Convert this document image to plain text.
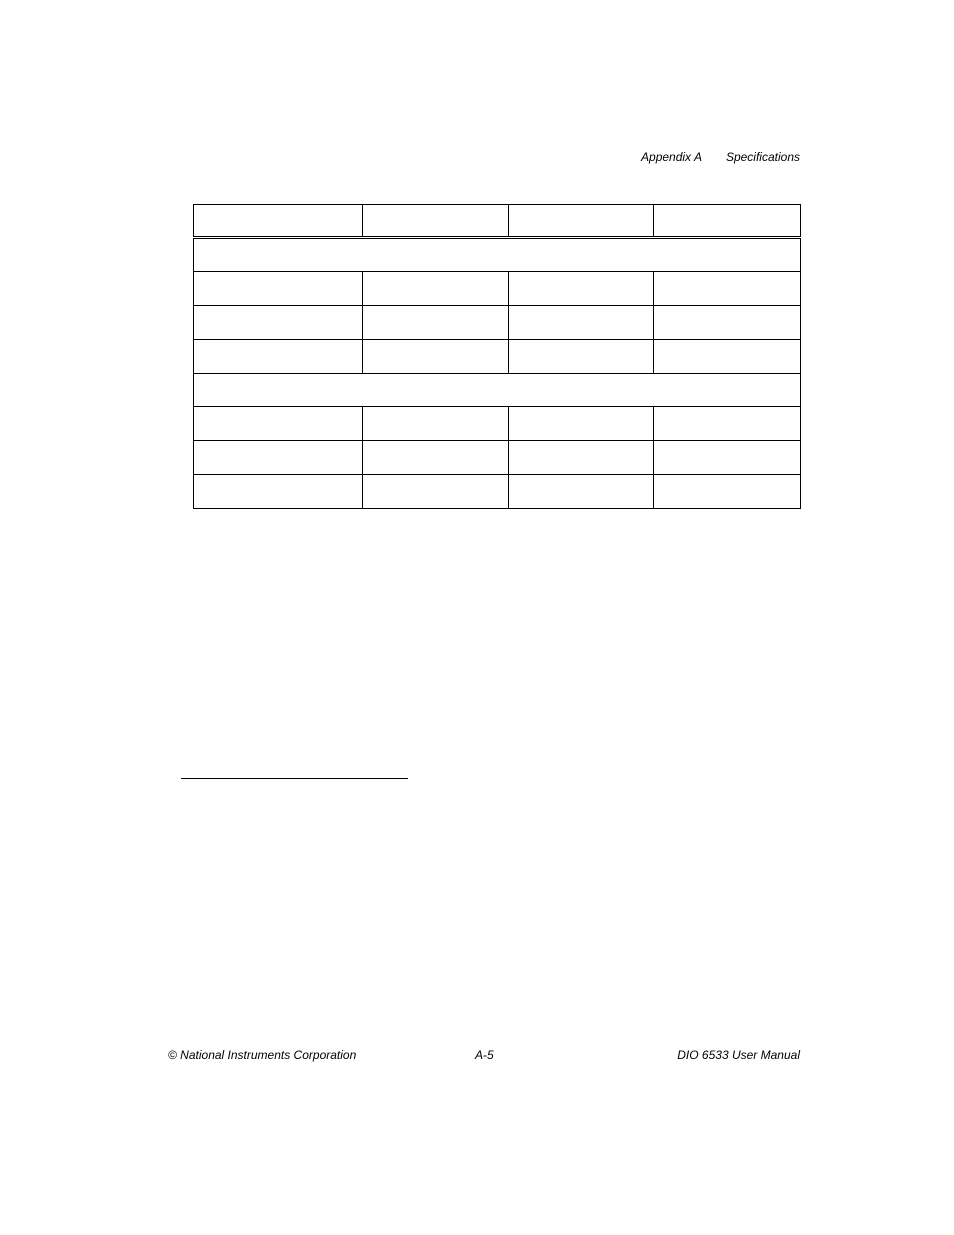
Appendix A Specifications

© National Instruments Corporation	A-5	DIO 6533 User Manual
